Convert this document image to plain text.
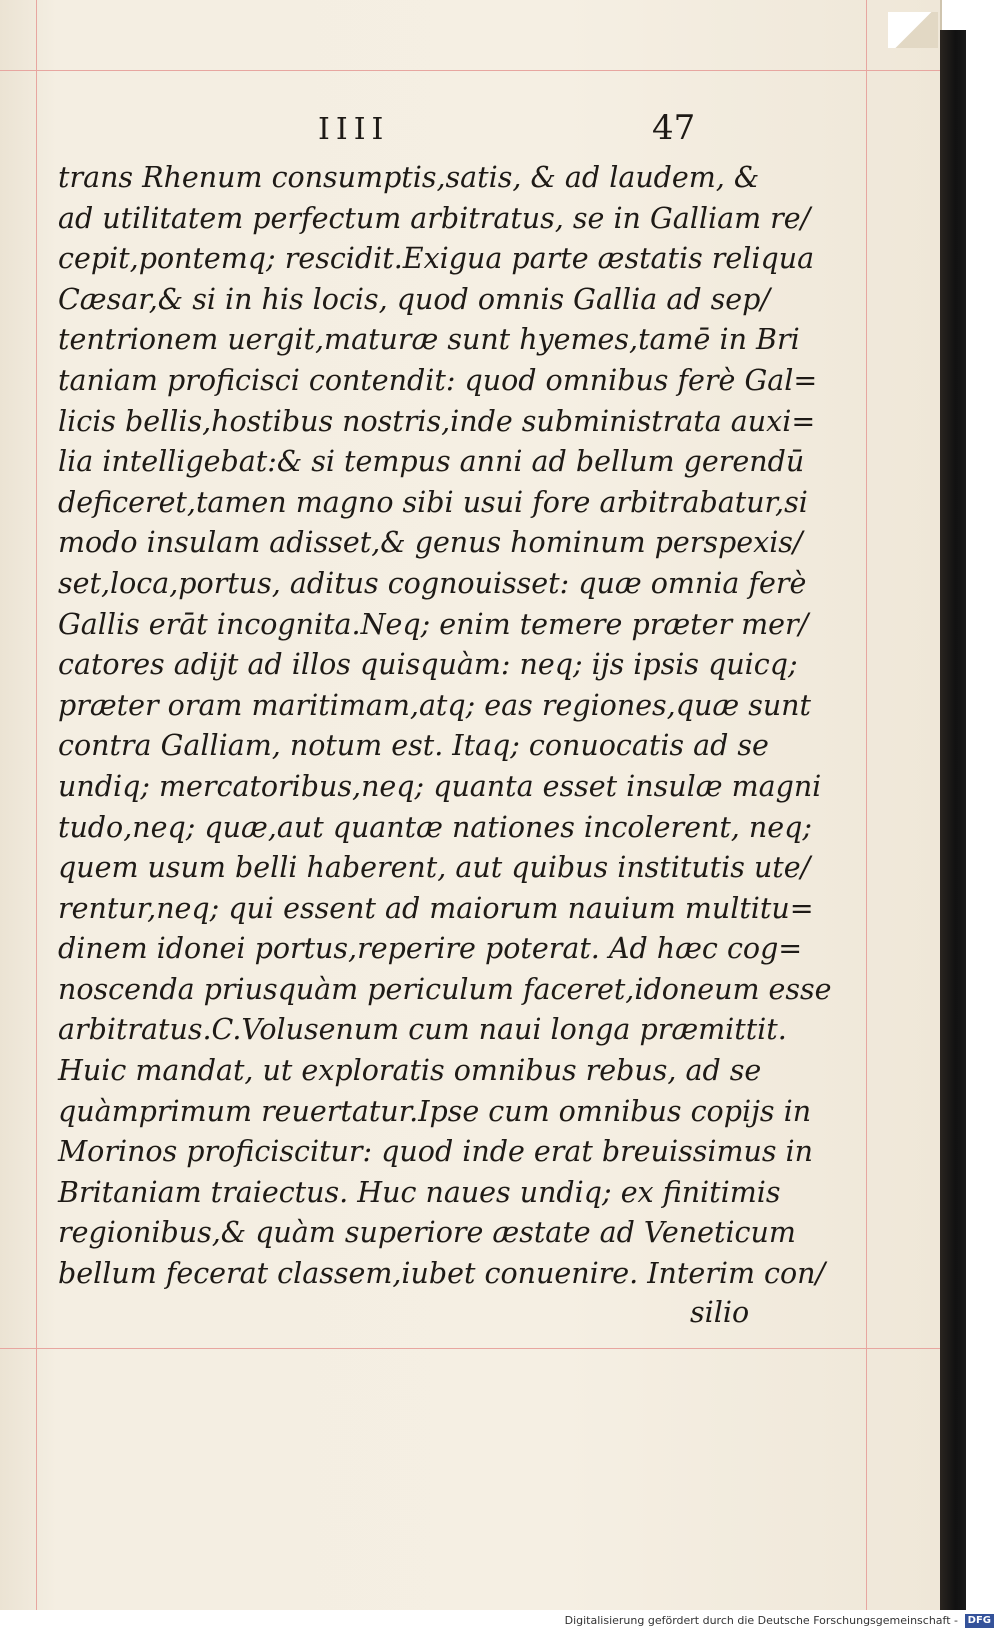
IIII	47
trans Rhenum consumptis,satis, & ad laudem, &
ad utilitatem perfectum arbitratus, se in Galliam re/
cepit,pontemq; rescidit.Exigua parte æstatis reliqua
Cæsar,& si in his locis, quod omnis Gallia ad sep/
tentrionem uergit,maturæ sunt hyemes,tamē in Bri
taniam proficisci contendit: quod omnibus ferè Gal=
licis bellis,hostibus nostris,inde subministrata auxi=
lia intelligebat:& si tempus anni ad bellum gerendū
deficeret,tamen magno sibi usui fore arbitrabatur,si
modo insulam adisset,& genus hominum perspexis/
set,loca,portus, aditus cognouisset: quæ omnia ferè
Gallis erāt incognita.Neq; enim temere præter mer/
catores adijt ad illos quisquàm: neq; ijs ipsis quicq;
præter oram maritimam,atq; eas regiones,quæ sunt
contra Galliam, notum est. Itaq; conuocatis ad se
undiq; mercatoribus,neq; quanta esset insulæ magni
tudo,neq; quæ,aut quantæ nationes incolerent, neq;
quem usum belli haberent, aut quibus institutis ute/
rentur,neq; qui essent ad maiorum nauium multitu=
dinem idonei portus,reperire poterat. Ad hæc cog=
noscenda priusquàm periculum faceret,idoneum esse
arbitratus.C.Volusenum cum naui longa præmittit.
Huic mandat, ut exploratis omnibus rebus, ad se
quàmprimum reuertatur.Ipse cum omnibus copijs in
Morinos proficiscitur: quod inde erat breuissimus in
Britaniam traiectus. Huc naues undiq; ex finitimis
regionibus,& quàm superiore æstate ad Veneticum
bellum fecerat classem,iubet conuenire. Interim con/
silio
Digitalisierung gefördert durch die Deutsche Forschungsgemeinschaft - DFG
